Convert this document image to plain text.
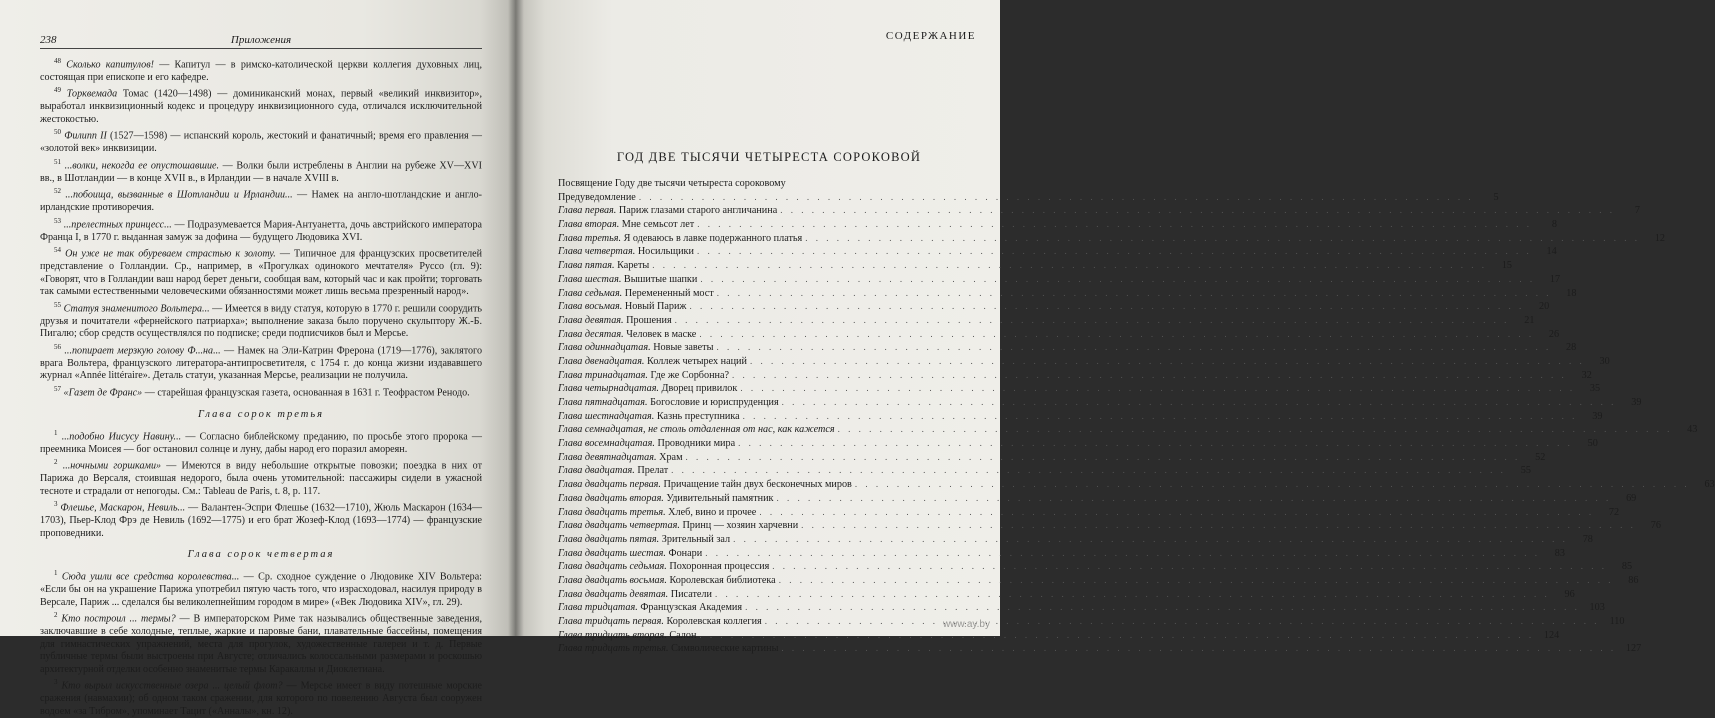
238	Приложения

$^{48}$ Сколько капитулов! — Капитул — в римско-католической церкви коллегия духовных лиц, состоящая при епископе и его кафедре.

$^{49}$ Торквемада Томас (1420—1498) — доминиканский монах, первый «великий инквизитор», выработал инквизиционный кодекс и процедуру инквизиционного суда, отличался исключительной жестокостью.

$^{50}$ Филипп II (1527—1598) — испанский король, жестокий и фанатичный; время его правления — «золотой век» инквизиции.

$^{51}$ ...волки, некогда ее опустошавшие. — Волки были истреблены в Англии на рубеже XV—XVI вв., в Шотландии — в конце XVII в., в Ирландии — в начале XVIII в.

$^{52}$ ...побоища, вызванные в Шотландии и Ирландии... — Намек на англо-шотландские и англо-ирландские противоречия.

$^{53}$ ...прелестных принцесс... — Подразумевается Мария-Антуанетта, дочь австрийского императора Франца I, в 1770 г. выданная замуж за дофина — будущего Людовика XVI.

$^{54}$ Он уже не так обуреваем страстью к золоту. — Типичное для французских просветителей представление о Голландии. Ср., например, в «Прогулках одинокого мечтателя» Руссо (гл. 9): «Говорят, что в Голландии ваш народ берет деньги, сообщая вам, который час и как пройти; торговать так самыми естественными человеческими обязанностями может лишь весьма презренный народ».

$^{55}$ Статуя знаменитого Вольтера... — Имеется в виду статуя, которую в 1770 г. решили соорудить друзья и почитатели «фернейского патриарха»; выполнение заказа было поручено скульптору Ж.-Б. Пигалю; сбор средств осуществлялся по подписке; среди подписчиков был и Мерсье.

$^{56}$ ...попирает мерзкую голову Ф...на... — Намек на Эли-Катрин Фрерона (1719—1776), заклятого врага Вольтера, французского литератора-антипросветителя, с 1754 г. до конца жизни издававшего журнал «Année littéraire». Деталь статуи, указанная Мерсье, реализации не получила.

$^{57}$ «Газет де Франс» — старейшая французская газета, основанная в 1631 г. Теофрастом Ренодо.

Глава сорок третья

$^1$ ...подобно Иисусу Навину... — Согласно библейскому преданию, по просьбе этого пророка — преемника Моисея — бог остановил солнце и луну, дабы народ его поразил амореян.

$^2$ ...ночными горшками» — Имеются в виду небольшие открытые повозки; поездка в них от Парижа до Версаля, стоившая недорого, была очень утомительной: пассажиры сидели в ужасной тесноте и страдали от непогоды. См.: Tableau de Paris, t. 8, p. 117.

$^3$ Флешье, Маскарон, Невиль... — Валантен-Эспри Флешье (1632—1710), Жюль Маскарон (1634—1703), Пьер-Клод Фрэ де Невиль (1692—1775) и его брат Жозеф-Клод (1693—1774) — французские проповедники.

Глава сорок четвертая

$^1$ Сюда ушли все средства королевства... — Ср. сходное суждение о Людовике XIV Вольтера: «Если бы он на украшение Парижа употребил пятую часть того, что израсходовал, насилуя природу в Версале, Париж ... сделался бы великолепнейшим городом в мире» («Век Людовика XIV», гл. 29).

$^2$ Кто построил ... термы? — В императорском Риме так назывались общественные заведения, заключавшие в себе холодные, теплые, жаркие и паровые бани, плавательные бассейны, помещения для гимнастических упражнений, места для прогулок, художественные галереи и т. д. Первые публичные термы были выстроены при Августе; отличались колоссальными размерами и роскошью архитектурной отделки особенно знаменитые термы Каракаллы и Диоклетиана.

$^3$ Кто вырыл искусственные озера ... целый флот? — Мерсье имеет в виду потешные морские сражения (навмахии); об одном таком сражении, для которого по повелению Августа был сооружен водоем «за Тибром», упоминает Тацит («Анналы», кн. 12).

СОДЕРЖАНИЕ
ГОД ДВЕ ТЫСЯЧИ ЧЕТЫРЕСТА СОРОКОВОЙ
Посвящение Году две тысячи четыреста сороковому
Предуведомление . . .	5
Глава первая. Париж глазами старого англичанина . . .	7
Глава вторая. Мне семьсот лет . . .	8
Глава третья. Я одеваюсь в лавке подержанного платья . . .	12
Глава четвертая. Носильщики . . .	14
Глава пятая. Кареты . . .	15
Глава шестая. Вышитые шапки . . .	17
Глава седьмая. Перемененный мост . . .	18
Глава восьмая. Новый Париж . . .	20
Глава девятая. Прошения . . .	21
Глава десятая. Человек в маске . . .	26
Глава одиннадцатая. Новые заветы . . .	28
Глава двенадцатая. Коллеж четырех наций . . .	30
Глава тринадцатая. Где же Сорбонна? . . .	32
Глава четырнадцатая. Дворец привилок . . .	35
Глава пятнадцатая. Богословие и юриспруденция . . .	39
Глава шестнадцатая. Казнь преступника . . .	39
Глава семнадцатая, не столь отдаленная от нас, как кажется . . .	43
Глава восемнадцатая. Проводники мира . . .	50
Глава девятнадцатая. Храм . . .	52
Глава двадцатая. Прелат . . .	55
Глава двадцать первая. Причащение тайн двух бесконечных миров . . .	63
Глава двадцать вторая. Удивительный памятник . . .	69
Глава двадцать третья. Хлеб, вино и прочее . . .	72
Глава двадцать четвертая. Принц — хозяин харчевни . . .	76
Глава двадцать пятая. Зрительный зал . . .	78
Глава двадцать шестая. Фонари . . .	83
Глава двадцать седьмая. Похоронная процессия . . .	85
Глава двадцать восьмая. Королевская библиотека . . .	86
Глава двадцать девятая. Писатели . . .	96
Глава тридцатая. Французская Академия . . .	103
Глава тридцать первая. Королевская коллегия . . .	110
Глава тридцать вторая. Салон . . .	124
Глава тридцать третья. Символические картины . . .	127
www.ay.by
